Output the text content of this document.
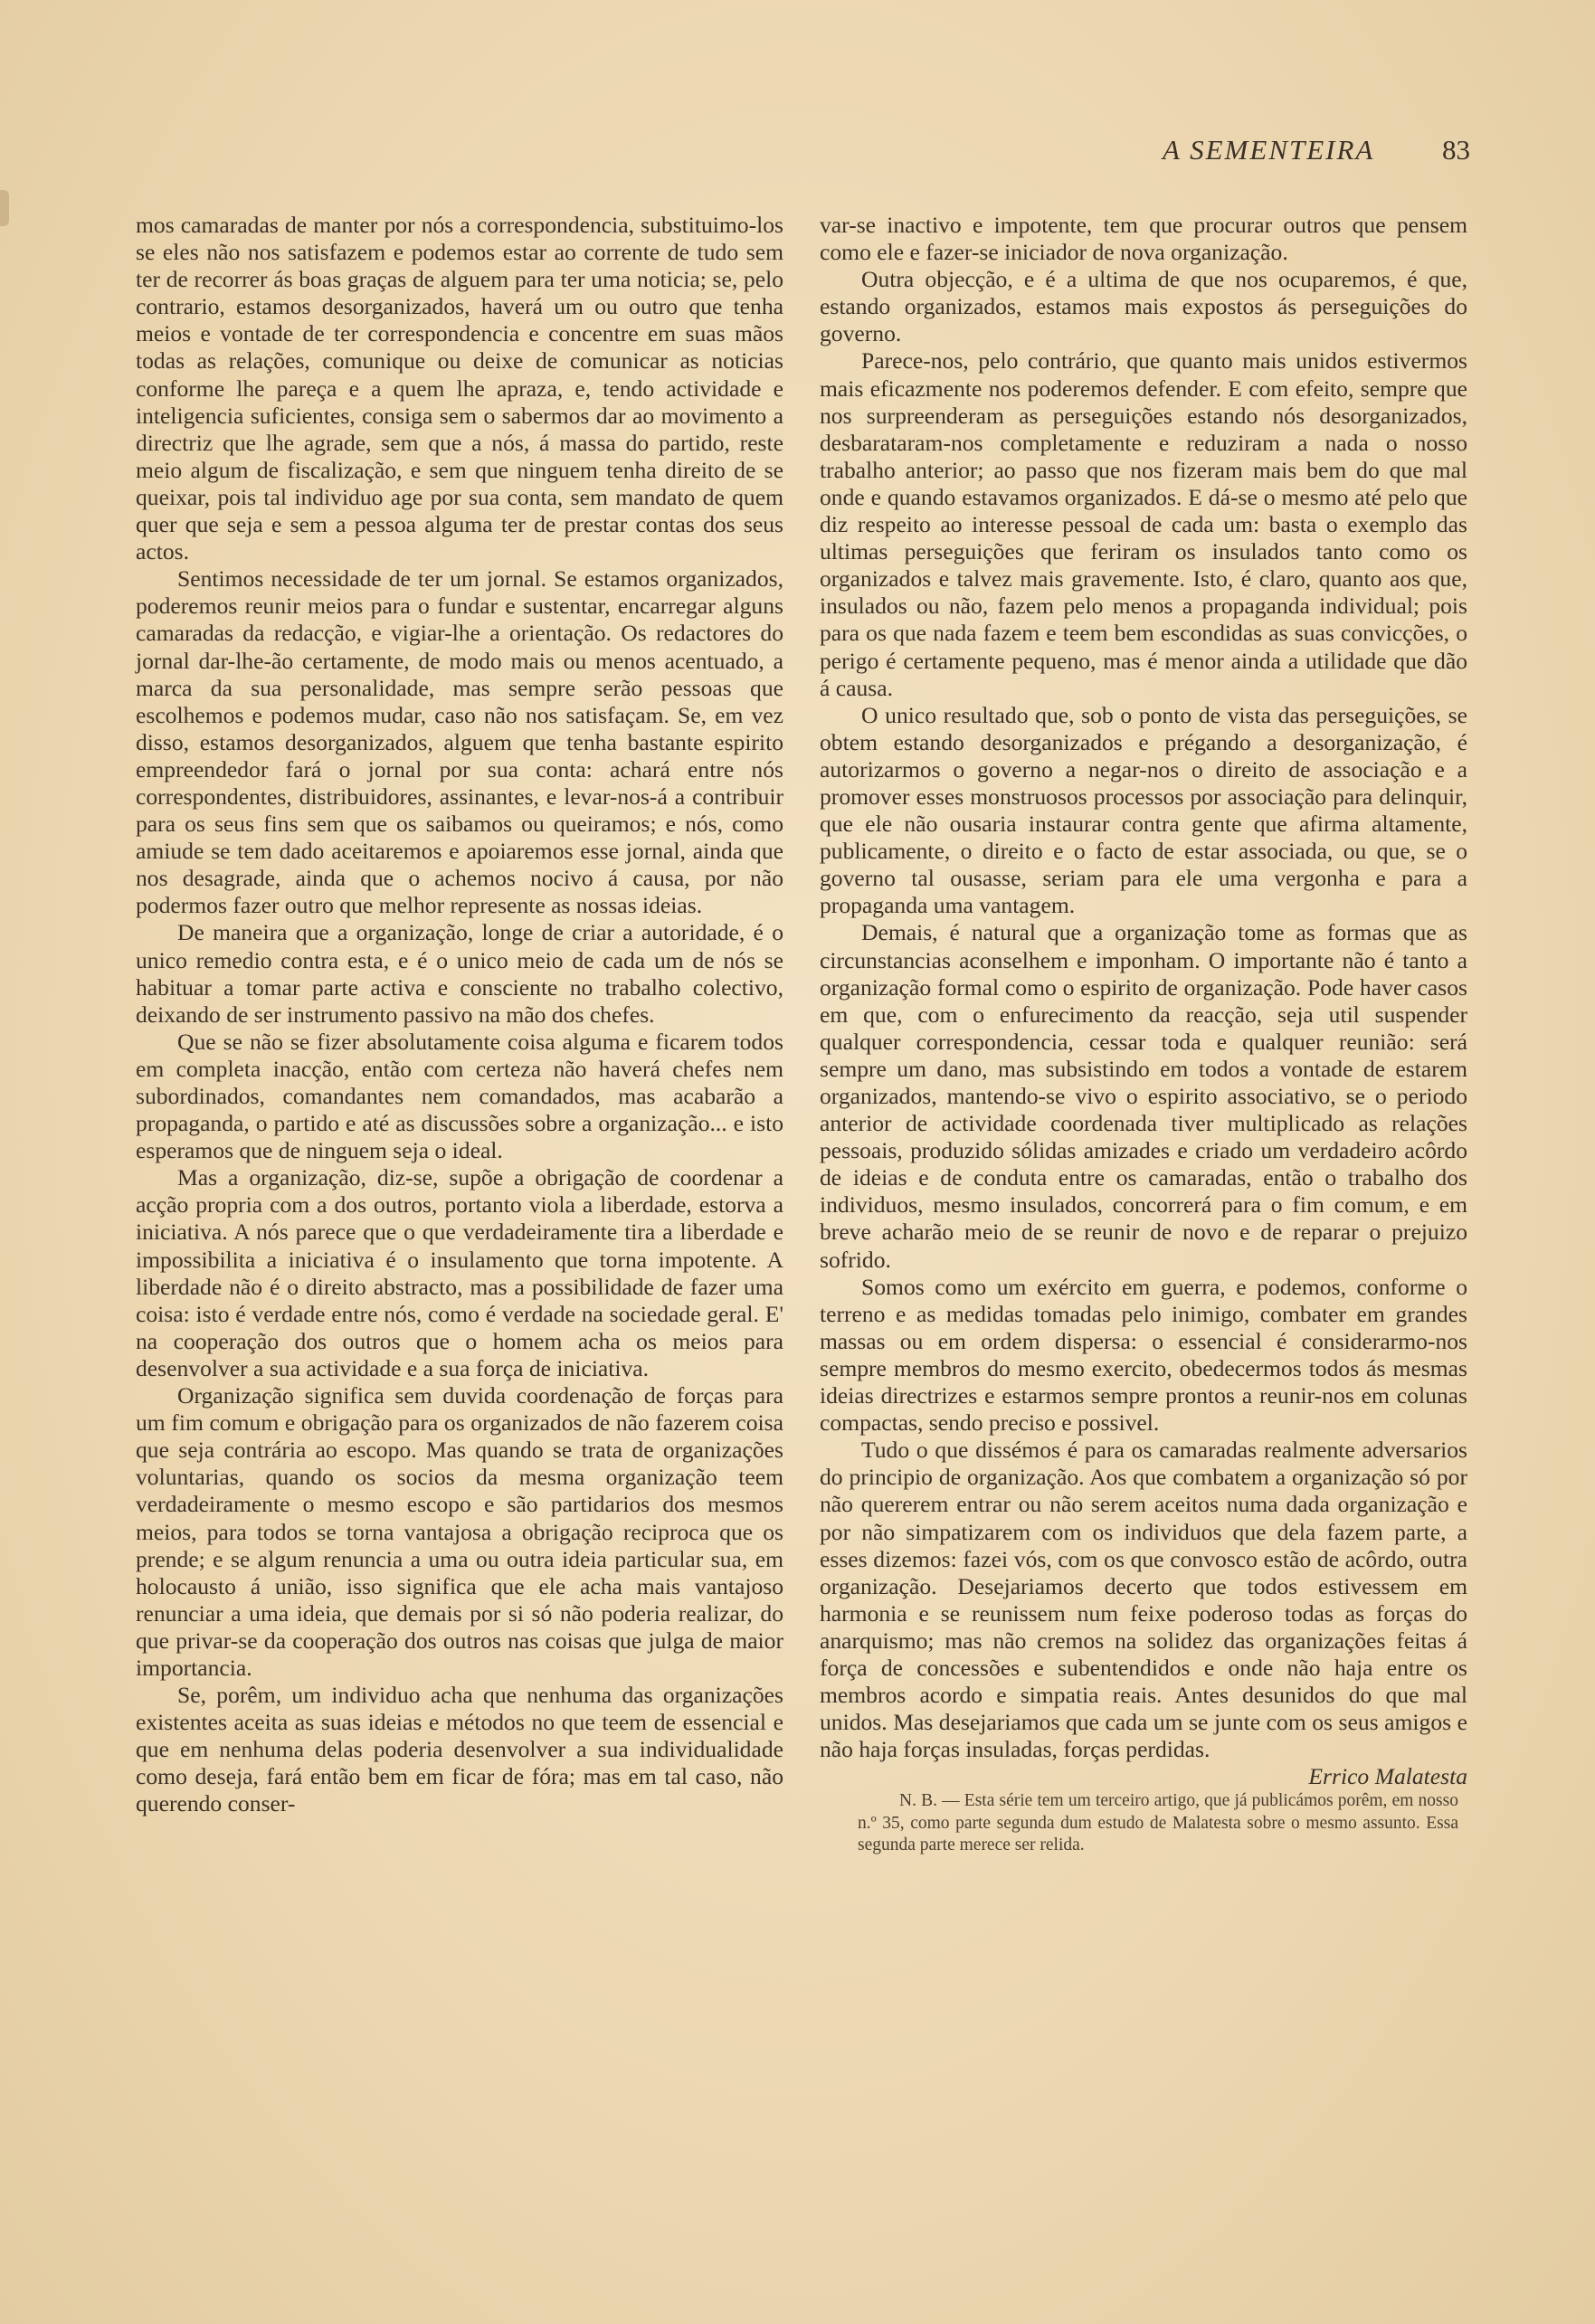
A SEMENTEIRA 83

mos camaradas de manter por nós a correspondencia, substituimo-los se eles não nos satisfazem e podemos estar ao corrente de tudo sem ter de recorrer ás boas graças de alguem para ter uma noticia; se, pelo contrario, estamos desorganizados, haverá um ou outro que tenha meios e vontade de ter correspondencia e concentre em suas mãos todas as relações, comunique ou deixe de comunicar as noticias conforme lhe pareça e a quem lhe apraza, e, tendo actividade e inteligencia suficientes, consiga sem o sabermos dar ao movimento a directriz que lhe agrade, sem que a nós, á massa do partido, reste meio algum de fiscalização, e sem que ninguem tenha direito de se queixar, pois tal individuo age por sua conta, sem mandato de quem quer que seja e sem a pessoa alguma ter de prestar contas dos seus actos.

Sentimos necessidade de ter um jornal. Se estamos organizados, poderemos reunir meios para o fundar e sustentar, encarregar alguns camaradas da redacção, e vigiar-lhe a orientação. Os redactores do jornal dar-lhe-ão certamente, de modo mais ou menos acentuado, a marca da sua personalidade, mas sempre serão pessoas que escolhemos e podemos mudar, caso não nos satisfaçam. Se, em vez disso, estamos desorganizados, alguem que tenha bastante espirito empreendedor fará o jornal por sua conta: achará entre nós correspondentes, distribuidores, assinantes, e levar-nos-á a contribuir para os seus fins sem que os saibamos ou queiramos; e nós, como amiude se tem dado aceitaremos e apoiaremos esse jornal, ainda que nos desagrade, ainda que o achemos nocivo á causa, por não podermos fazer outro que melhor represente as nossas ideias.

De maneira que a organização, longe de criar a autoridade, é o unico remedio contra esta, e é o unico meio de cada um de nós se habituar a tomar parte activa e consciente no trabalho colectivo, deixando de ser instrumento passivo na mão dos chefes.

Que se não se fizer absolutamente coisa alguma e ficarem todos em completa inacção, então com certeza não haverá chefes nem subordinados, comandantes nem comandados, mas acabarão a propaganda, o partido e até as discussões sobre a organização... e isto esperamos que de ninguem seja o ideal.

Mas a organização, diz-se, supõe a obrigação de coordenar a acção propria com a dos outros, portanto viola a liberdade, estorva a iniciativa. A nós parece que o que verdadeiramente tira a liberdade e impossibilita a iniciativa é o insulamento que torna impotente. A liberdade não é o direito abstracto, mas a possibilidade de fazer uma coisa: isto é verdade entre nós, como é verdade na sociedade geral. E' na cooperação dos outros que o homem acha os meios para desenvolver a sua actividade e a sua força de iniciativa.

Organização significa sem duvida coordenação de forças para um fim comum e obrigação para os organizados de não fazerem coisa que seja contrária ao escopo. Mas quando se trata de organizações voluntarias, quando os socios da mesma organização teem verdadeiramente o mesmo escopo e são partidarios dos mesmos meios, para todos se torna vantajosa a obrigação reciproca que os prende; e se algum renuncia a uma ou outra ideia particular sua, em holocausto á união, isso significa que ele acha mais vantajoso renunciar a uma ideia, que demais por si só não poderia realizar, do que privar-se da cooperação dos outros nas coisas que julga de maior importancia.

Se, porêm, um individuo acha que nenhuma das organizações existentes aceita as suas ideias e métodos no que teem de essencial e que em nenhuma delas poderia desenvolver a sua individualidade como deseja, fará então bem em ficar de fóra; mas em tal caso, não querendo conser-

var-se inactivo e impotente, tem que procurar outros que pensem como ele e fazer-se iniciador de nova organização.

Outra objecção, e é a ultima de que nos ocuparemos, é que, estando organizados, estamos mais expostos ás perseguições do governo.

Parece-nos, pelo contrário, que quanto mais unidos estivermos mais eficazmente nos poderemos defender. E com efeito, sempre que nos surpreenderam as perseguições estando nós desorganizados, desbarataram-nos completamente e reduziram a nada o nosso trabalho anterior; ao passo que nos fizeram mais bem do que mal onde e quando estavamos organizados. E dá-se o mesmo até pelo que diz respeito ao interesse pessoal de cada um: basta o exemplo das ultimas perseguições que feriram os insulados tanto como os organizados e talvez mais gravemente. Isto, é claro, quanto aos que, insulados ou não, fazem pelo menos a propaganda individual; pois para os que nada fazem e teem bem escondidas as suas convicções, o perigo é certamente pequeno, mas é menor ainda a utilidade que dão á causa.

O unico resultado que, sob o ponto de vista das perseguições, se obtem estando desorganizados e prégando a desorganização, é autorizarmos o governo a negar-nos o direito de associação e a promover esses monstruosos processos por associação para delinquir, que ele não ousaria instaurar contra gente que afirma altamente, publicamente, o direito e o facto de estar associada, ou que, se o governo tal ousasse, seriam para ele uma vergonha e para a propaganda uma vantagem.

Demais, é natural que a organização tome as formas que as circunstancias aconselhem e imponham. O importante não é tanto a organização formal como o espirito de organização. Pode haver casos em que, com o enfurecimento da reacção, seja util suspender qualquer correspondencia, cessar toda e qualquer reunião: será sempre um dano, mas subsistindo em todos a vontade de estarem organizados, mantendo-se vivo o espirito associativo, se o periodo anterior de actividade coordenada tiver multiplicado as relações pessoais, produzido sólidas amizades e criado um verdadeiro acôrdo de ideias e de conduta entre os camaradas, então o trabalho dos individuos, mesmo insulados, concorrerá para o fim comum, e em breve acharão meio de se reunir de novo e de reparar o prejuizo sofrido.

Somos como um exército em guerra, e podemos, conforme o terreno e as medidas tomadas pelo inimigo, combater em grandes massas ou em ordem dispersa: o essencial é considerarmo-nos sempre membros do mesmo exercito, obedecermos todos ás mesmas ideias directrizes e estarmos sempre prontos a reunir-nos em colunas compactas, sendo preciso e possivel.

Tudo o que dissémos é para os camaradas realmente adversarios do principio de organização. Aos que combatem a organização só por não quererem entrar ou não serem aceitos numa dada organização e por não simpatizarem com os individuos que dela fazem parte, a esses dizemos: fazei vós, com os que convosco estão de acôrdo, outra organização. Desejariamos decerto que todos estivessem em harmonia e se reunissem num feixe poderoso todas as forças do anarquismo; mas não cremos na solidez das organizações feitas á força de concessões e subentendidos e onde não haja entre os membros acordo e simpatia reais. Antes desunidos do que mal unidos. Mas desejariamos que cada um se junte com os seus amigos e não haja forças insuladas, forças perdidas.

Errico Malatesta

N. B. — Esta série tem um terceiro artigo, que já publicámos porêm, em nosso n.º 35, como parte segunda dum estudo de Malatesta sobre o mesmo assunto. Essa segunda parte merece ser relida.
